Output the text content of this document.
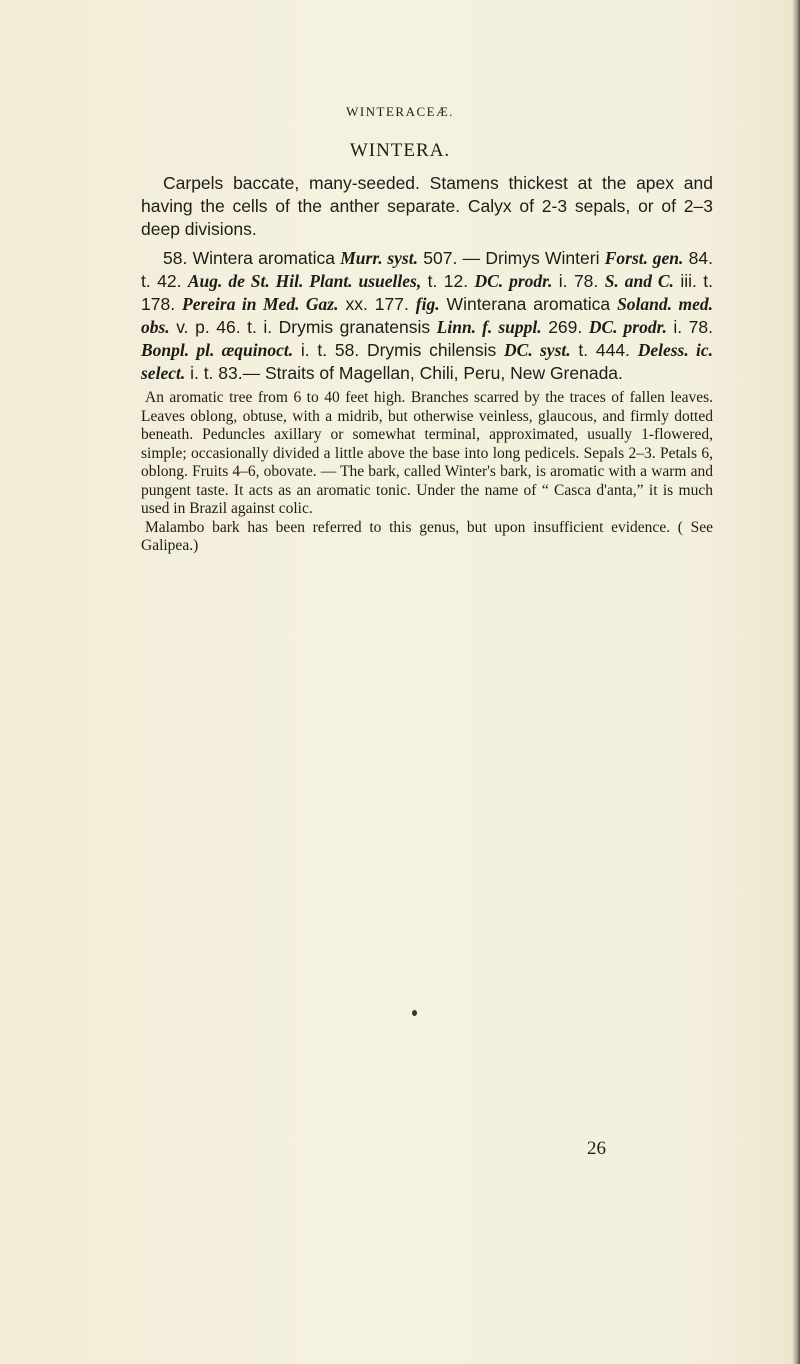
WINTERACEÆ.
WINTERA.

Carpels baccate, many-seeded. Stamens thickest at the apex and having the cells of the anther separate. Calyx of 2-3 sepals, or of 2–3 deep divisions.

58. Wintera aromatica Murr. syst. 507. — Drimys Winteri Forst. gen. 84. t. 42. Aug. de St. Hil. Plant. usuelles, t. 12. DC. prodr. i. 78. S. and C. iii. t. 178. Pereira in Med. Gaz. xx. 177. fig. Winterana aromatica Soland. med. obs. v. p. 46. t. i. Drymis granatensis Linn. f. suppl. 269. DC. prodr. i. 78. Bonpl. pl. æquinoct. i. t. 58. Drymis chilensis DC. syst. t. 444. Deless. ic. select. i. t. 83.— Straits of Magellan, Chili, Peru, New Grenada.

An aromatic tree from 6 to 40 feet high. Branches scarred by the traces of fallen leaves. Leaves oblong, obtuse, with a midrib, but otherwise veinless, glaucous, and firmly dotted beneath. Peduncles axillary or somewhat terminal, approximated, usually 1-flowered, simple; occasionally divided a little above the base into long pedicels. Sepals 2–3. Petals 6, oblong. Fruits 4–6, obovate. — The bark, called Winter's bark, is aromatic with a warm and pungent taste. It acts as an aromatic tonic. Under the name of “ Casca d'anta,” it is much used in Brazil against colic.

Malambo bark has been referred to this genus, but upon insufficient evidence. ( See Galipea.)

26
